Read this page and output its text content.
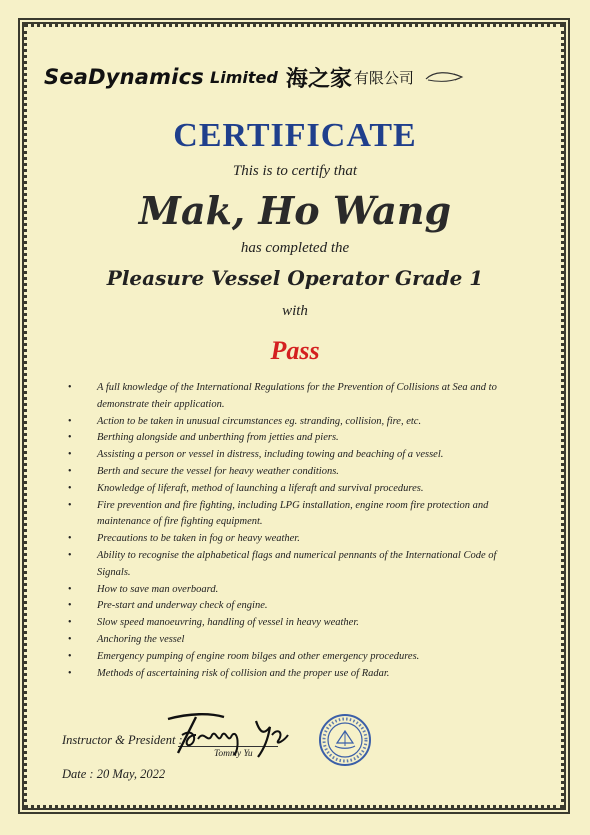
SeaDynamics Limited 海之家 有限公司
CERTIFICATE
This is to certify that
Mak, Ho Wang
has completed the
Pleasure Vessel Operator Grade 1
with
Pass
• A full knowledge of the International Regulations for the Prevention of Collisions at Sea and to demonstrate their application.
• Action to be taken in unusual circumstances eg. stranding, collision, fire, etc.
• Berthing alongside and unberthing from jetties and piers.
• Assisting a person or vessel in distress, including towing and beaching of a vessel.
• Berth and secure the vessel for heavy weather conditions.
• Knowledge of liferaft, method of launching a liferaft and survival procedures.
• Fire prevention and fire fighting, including LPG installation, engine room fire protection and maintenance of fire fighting equipment.
• Precautions to be taken in fog or heavy weather.
• Ability to recognise the alphabetical flags and numerical pennants of the International Code of Signals.
• How to save man overboard.
• Pre-start and underway check of engine.
• Slow speed manoeuvring, handling of vessel in heavy weather.
• Anchoring the vessel
• Emergency pumping of engine room bilges and other emergency procedures.
• Methods of ascertaining risk of collision and the proper use of Radar.
Instructor & President :
Tommy Yu
Date : 20 May, 2022
